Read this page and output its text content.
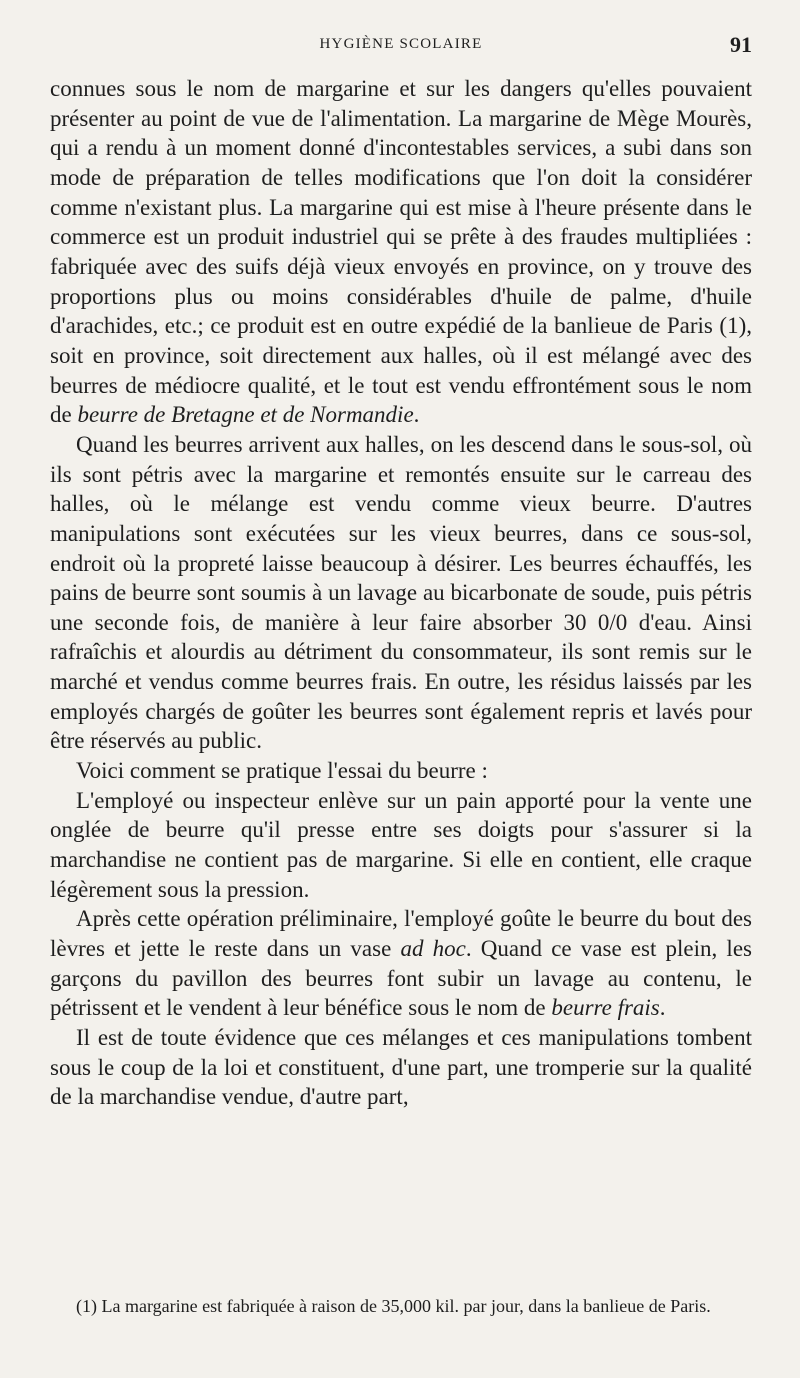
HYGIÈNE SCOLAIRE	91

connues sous le nom de margarine et sur les dangers qu'elles pouvaient présenter au point de vue de l'alimentation. La margarine de Mège Mourès, qui a rendu à un moment donné d'incontestables services, a subi dans son mode de préparation de telles modifications que l'on doit la considérer comme n'existant plus. La margarine qui est mise à l'heure présente dans le commerce est un produit industriel qui se prête à des fraudes multipliées : fabriquée avec des suifs déjà vieux envoyés en province, on y trouve des proportions plus ou moins considérables d'huile de palme, d'huile d'arachides, etc.; ce produit est en outre expédié de la banlieue de Paris (1), soit en province, soit directement aux halles, où il est mélangé avec des beurres de médiocre qualité, et le tout est vendu effrontément sous le nom de beurre de Bretagne et de Normandie.

Quand les beurres arrivent aux halles, on les descend dans le sous-sol, où ils sont pétris avec la margarine et remontés ensuite sur le carreau des halles, où le mélange est vendu comme vieux beurre. D'autres manipulations sont exécutées sur les vieux beurres, dans ce sous-sol, endroit où la propreté laisse beaucoup à désirer. Les beurres échauffés, les pains de beurre sont soumis à un lavage au bicarbonate de soude, puis pétris une seconde fois, de manière à leur faire absorber 30 0/0 d'eau. Ainsi rafraîchis et alourdis au détriment du consommateur, ils sont remis sur le marché et vendus comme beurres frais. En outre, les résidus laissés par les employés chargés de goûter les beurres sont également repris et lavés pour être réservés au public.

Voici comment se pratique l'essai du beurre :

L'employé ou inspecteur enlève sur un pain apporté pour la vente une onglée de beurre qu'il presse entre ses doigts pour s'assurer si la marchandise ne contient pas de margarine. Si elle en contient, elle craque légèrement sous la pression.

Après cette opération préliminaire, l'employé goûte le beurre du bout des lèvres et jette le reste dans un vase ad hoc. Quand ce vase est plein, les garçons du pavillon des beurres font subir un lavage au contenu, le pétrissent et le vendent à leur bénéfice sous le nom de beurre frais.

Il est de toute évidence que ces mélanges et ces manipulations tombent sous le coup de la loi et constituent, d'une part, une tromperie sur la qualité de la marchandise vendue, d'autre part,

(1) La margarine est fabriquée à raison de 35,000 kil. par jour, dans la banlieue de Paris.
